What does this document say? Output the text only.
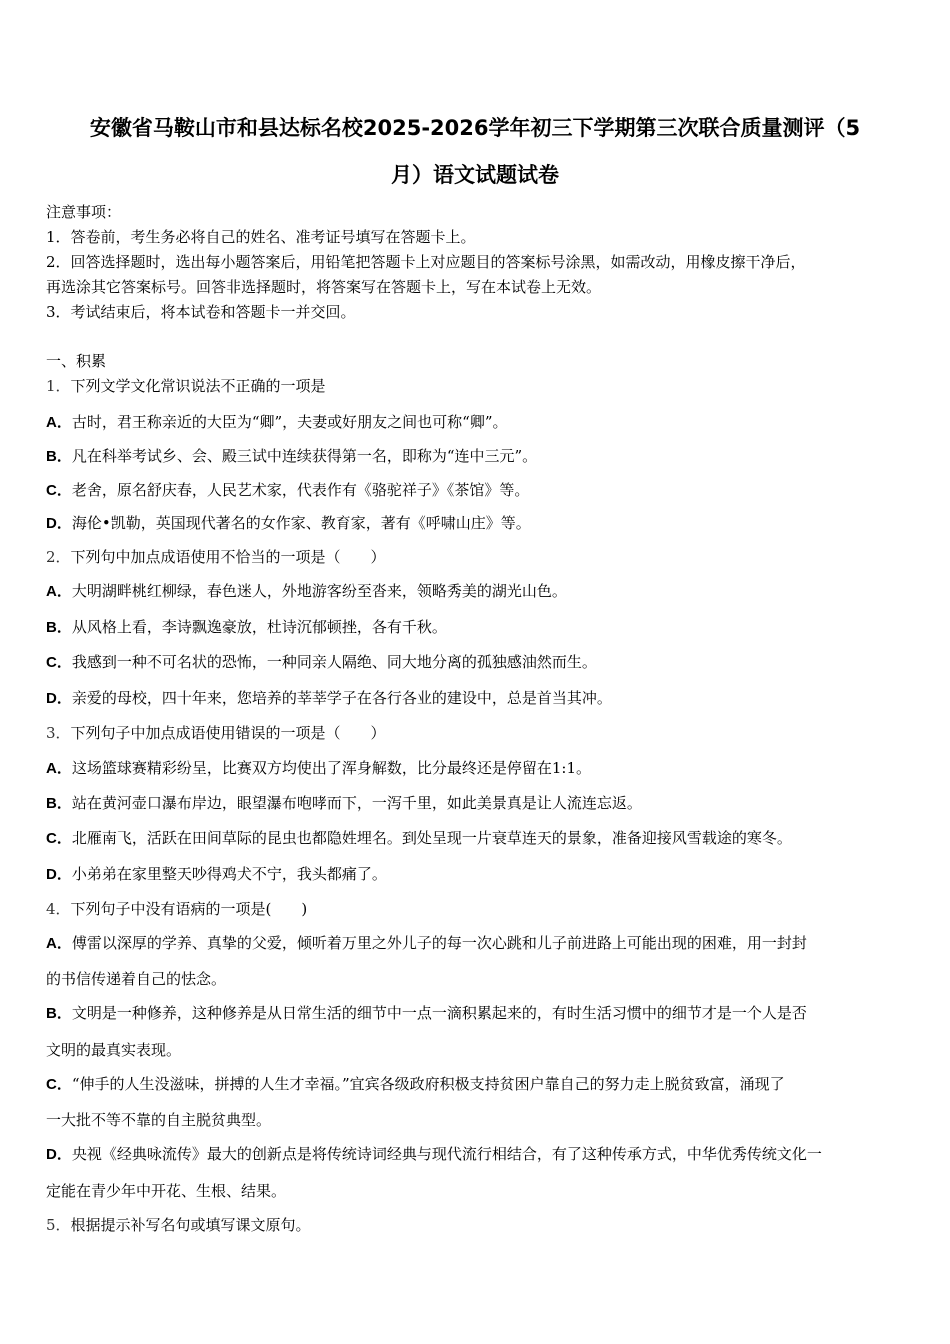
安徽省马鞍山市和县达标名校2025-2026学年初三下学期第三次联合质量测评（5
月）语文试题试卷
注意事项：
1．答卷前，考生务必将自己的姓名、准考证号填写在答题卡上。
2．回答选择题时，选出每小题答案后，用铅笔把答题卡上对应题目的答案标号涂黑，如需改动，用橡皮擦干净后，
再选涂其它答案标号。回答非选择题时，将答案写在答题卡上，写在本试卷上无效。
3．考试结束后，将本试卷和答题卡一并交回。
一、积累
1．下列文学文化常识说法不正确的一项是
A．古时，君王称亲近的大臣为“卿”，夫妻或好朋友之间也可称“卿”。
B．凡在科举考试乡、会、殿三试中连续获得第一名，即称为“连中三元”。
C．老舍，原名舒庆春，人民艺术家，代表作有《骆驼祥子》《茶馆》等。
D．海伦•凯勒，英国现代著名的女作家、教育家，著有《呼啸山庄》等。
2．下列句中加点成语使用不恰当的一项是（　　）
A．大明湖畔桃红柳绿，春色迷人，外地游客纷至沓来，领略秀美的湖光山色。
B．从风格上看，李诗飘逸豪放，杜诗沉郁顿挫，各有千秋。
C．我感到一种不可名状的恐怖，一种同亲人隔绝、同大地分离的孤独感油然而生。
D．亲爱的母校，四十年来，您培养的莘莘学子在各行各业的建设中，总是首当其冲。
3．下列句子中加点成语使用错误的一项是（　　）
A．这场篮球赛精彩纷呈，比赛双方均使出了浑身解数，比分最终还是停留在1:1。
B．站在黄河壶口瀑布岸边，眼望瀑布咆哮而下，一泻千里，如此美景真是让人流连忘返。
C．北雁南飞，活跃在田间草际的昆虫也都隐姓埋名。到处呈现一片衰草连天的景象，准备迎接风雪载途的寒冬。
D．小弟弟在家里整天吵得鸡犬不宁，我头都痛了。
4．下列句子中没有语病的一项是(　　)
A．傅雷以深厚的学养、真挚的父爱，倾听着万里之外儿子的每一次心跳和儿子前进路上可能出现的困难，用一封封
的书信传递着自己的怯念。
B．文明是一种修养，这种修养是从日常生活的细节中一点一滴积累起来的，有时生活习惯中的细节才是一个人是否
文明的最真实表现。
C．“伸手的人生没滋味，拼搏的人生才幸福。”宜宾各级政府积极支持贫困户靠自己的努力走上脱贫致富，涌现了
一大批不等不靠的自主脱贫典型。
D．央视《经典咏流传》最大的创新点是将传统诗词经典与现代流行相结合，有了这种传承方式，中华优秀传统文化一
定能在青少年中开花、生根、结果。
5．根据提示补写名句或填写课文原句。
